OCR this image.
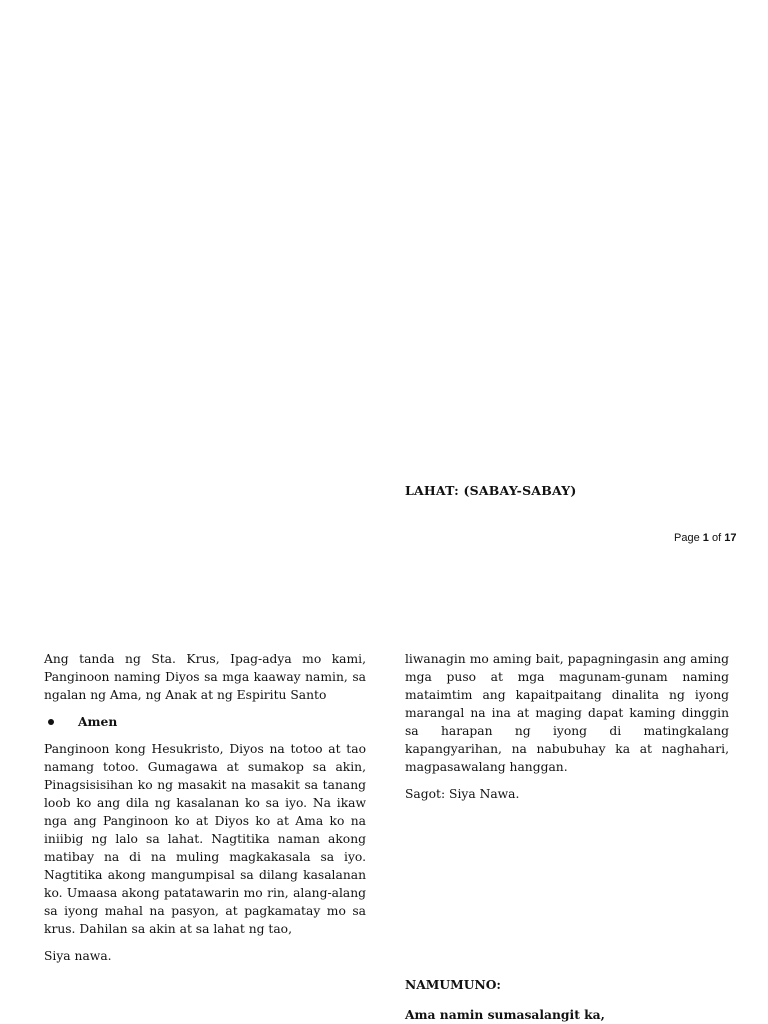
LAHAT: (SABAY-SABAY)
Page 1 of 17

Ang tanda ng Sta. Krus, Ipag-adya mo kami, Panginoon naming Diyos sa mga kaaway namin, sa ngalan ng Ama, ng Anak at ng Espiritu Santo

Amen

Panginoon kong Hesukristo, Diyos na totoo at tao namang totoo. Gumagawa at sumakop sa akin, Pinagsisisihan ko ng masakit na masakit sa tanang loob ko ang dila ng kasalanan ko sa iyo. Na ikaw nga ang Panginoon ko at Diyos ko at Ama ko na iniibig ng lalo sa lahat. Nagtitika naman akong matibay na di na muling magkakasala sa iyo. Nagtitika akong mangumpisal sa dilang kasalanan ko. Umaasa akong patatawarin mo rin, alang-alang sa iyong mahal na pasyon, at pagkamatay mo sa krus. Dahilan sa akin at sa lahat ng tao,

Siya nawa.

liwanagin mo aming bait, papagningasin ang aming mga puso at mga magunam-gunam naming mataimtim ang kapaitpaitang dinalita ng iyong marangal na ina at maging dapat kaming dinggin sa harapan ng iyong di matingkalang kapangyarihan, na nabubuhay ka at naghahari, magpasawalang hanggan.

Sagot: Siya Nawa.

NAMUMUNO:
Ama namin sumasalangit ka,
